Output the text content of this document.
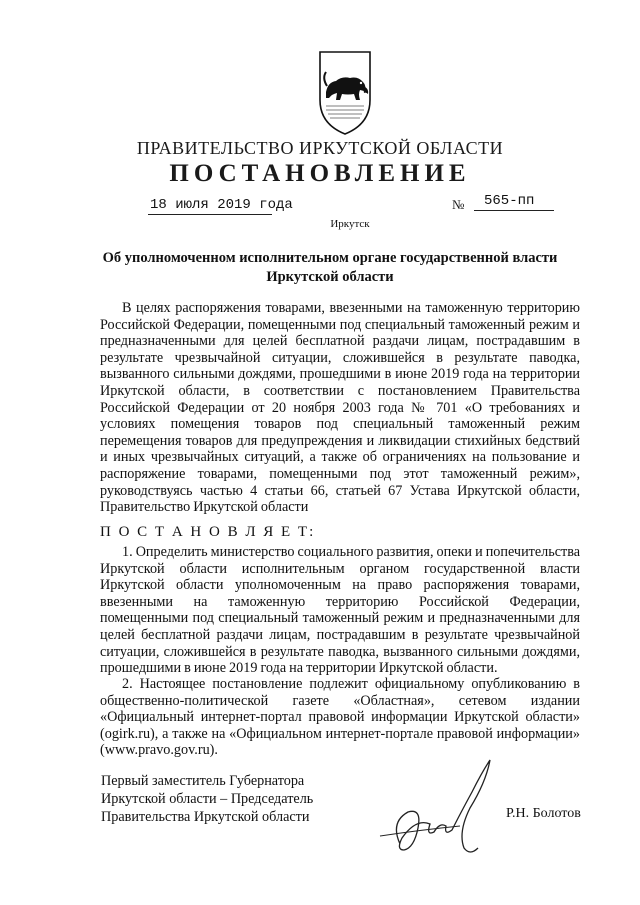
ПРАВИТЕЛЬСТВО ИРКУТСКОЙ ОБЛАСТИ
ПОСТАНОВЛЕНИЕ
18 июля 2019 года	№ 565-пп
Иркутск
Об уполномоченном исполнительном органе государственной власти
Иркутской области
В целях распоряжения товарами, ввезенными на таможенную территорию Российской Федерации, помещенными под специальный таможенный режим и предназначенными для целей бесплатной раздачи лицам, пострадавшим в результате чрезвычайной ситуации, сложившейся в результате паводка, вызванного сильными дождями, прошедшими в июне 2019 года на территории Иркутской области, в соответствии с постановлением Правительства Российской Федерации от 20 ноября 2003 года № 701 «О требованиях и условиях помещения товаров под специальный таможенный режим перемещения товаров для предупреждения и ликвидации стихийных бедствий и иных чрезвычайных ситуаций, а также об ограничениях на пользование и распоряжение товарами, помещенными под этот таможенный режим», руководствуясь частью 4 статьи 66, статьей 67 Устава Иркутской области, Правительство Иркутской области
П О С Т А Н О В Л Я Е Т:
1. Определить министерство социального развития, опеки и попечительства Иркутской области исполнительным органом государственной власти Иркутской области уполномоченным на право распоряжения товарами, ввезенными на таможенную территорию Российской Федерации, помещенными под специальный таможенный режим и предназначенными для целей бесплатной раздачи лицам, пострадавшим в результате чрезвычайной ситуации, сложившейся в результате паводка, вызванного сильными дождями, прошедшими в июне 2019 года на территории Иркутской области.
2. Настоящее постановление подлежит официальному опубликованию в общественно-политической газете «Областная», сетевом издании «Официальный интернет-портал правовой информации Иркутской области» (ogirk.ru), а также на «Официальном интернет-портале правовой информации» (www.pravo.gov.ru).
Первый заместитель Губернатора
Иркутской области – Председатель
Правительства Иркутской области	Р.Н. Болотов
